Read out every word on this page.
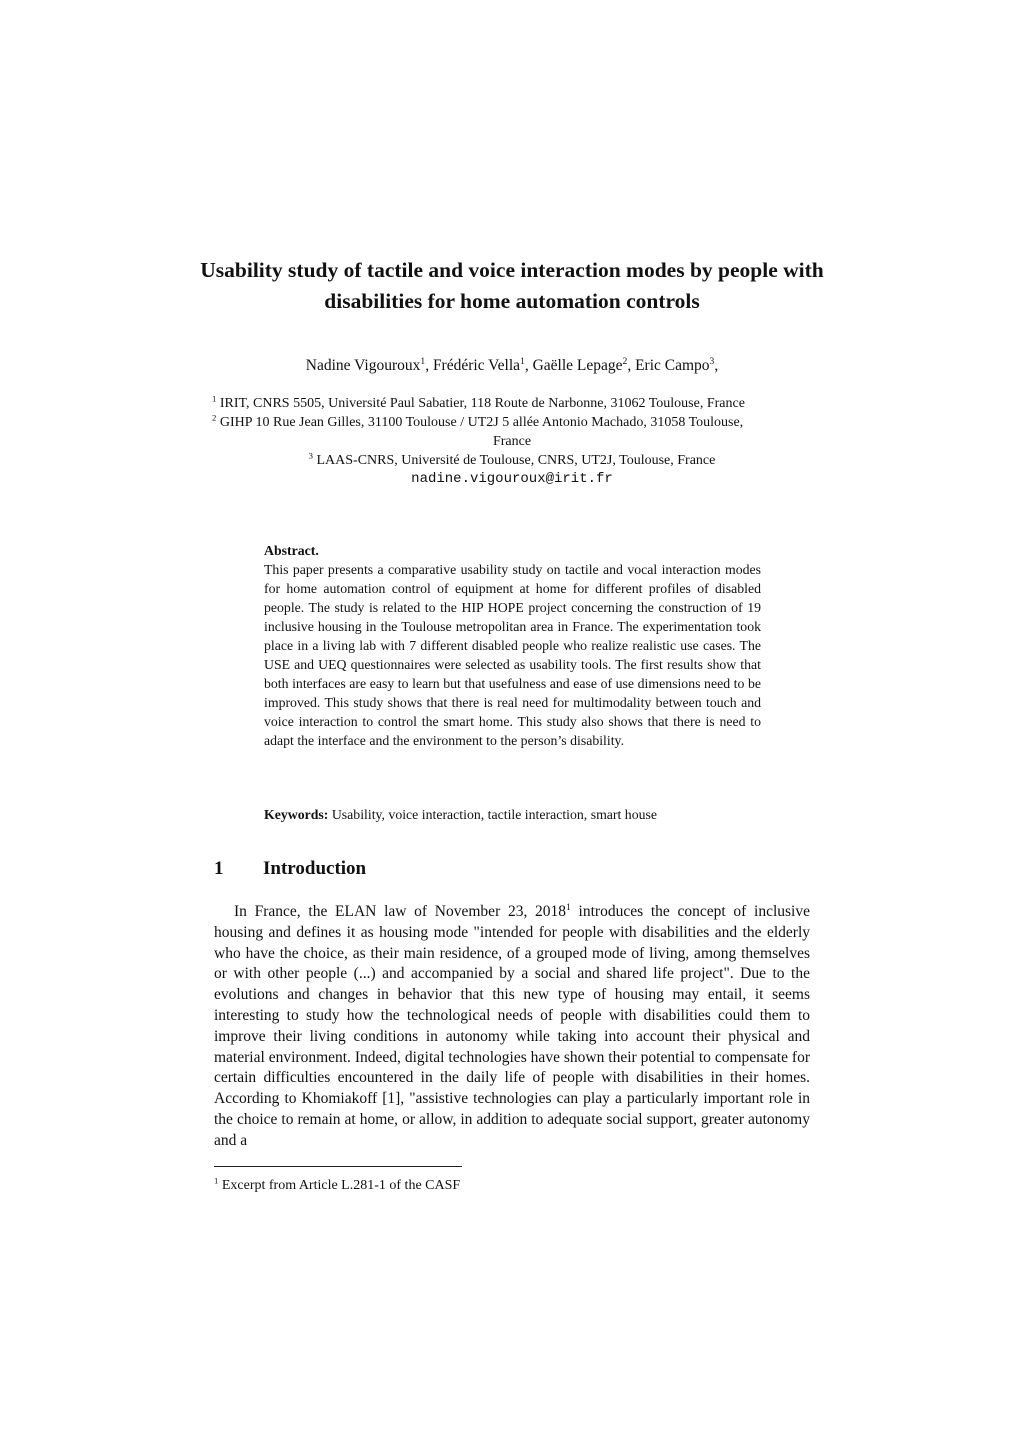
Usability study of tactile and voice interaction modes by people with disabilities for home automation controls
Nadine Vigouroux$^1$, Frédéric Vella$^1$, Gaëlle Lepage$^2$, Eric Campo$^3$,
$^1$ IRIT, CNRS 5505, Université Paul Sabatier, 118 Route de Narbonne, 31062 Toulouse, France
$^2$ GIHP 10 Rue Jean Gilles, 31100 Toulouse / UT2J 5 allée Antonio Machado, 31058 Toulouse,
France
$^3$ LAAS-CNRS, Université de Toulouse, CNRS, UT2J, Toulouse, France
nadine.vigouroux@irit.fr
Abstract.
This paper presents a comparative usability study on tactile and vocal interaction modes for home automation control of equipment at home for different profiles of disabled people. The study is related to the HIP HOPE project concerning the construction of 19 inclusive housing in the Toulouse metropolitan area in France. The experimentation took place in a living lab with 7 different disabled people who realize realistic use cases. The USE and UEQ questionnaires were selected as usability tools. The first results show that both interfaces are easy to learn but that usefulness and ease of use dimensions need to be improved. This study shows that there is real need for multimodality between touch and voice interaction to control the smart home. This study also shows that there is need to adapt the interface and the environment to the person’s disability.
Keywords: Usability, voice interaction, tactile interaction, smart house
1 Introduction

In France, the ELAN law of November 23, 2018$^1$ introduces the concept of inclusive housing and defines it as housing mode "intended for people with disabilities and the elderly who have the choice, as their main residence, of a grouped mode of living, among themselves or with other people (...) and accompanied by a social and shared life project". Due to the evolutions and changes in behavior that this new type of housing may entail, it seems interesting to study how the technological needs of people with disabilities could them to improve their living conditions in autonomy while taking into account their physical and material environment. Indeed, digital technologies have shown their potential to compensate for certain difficulties encountered in the daily life of people with disabilities in their homes. According to Khomiakoff [1], "assistive technologies can play a particularly important role in the choice to remain at home, or allow, in addition to adequate social support, greater autonomy and a

$^1$ Excerpt from Article L.281-1 of the CASF
